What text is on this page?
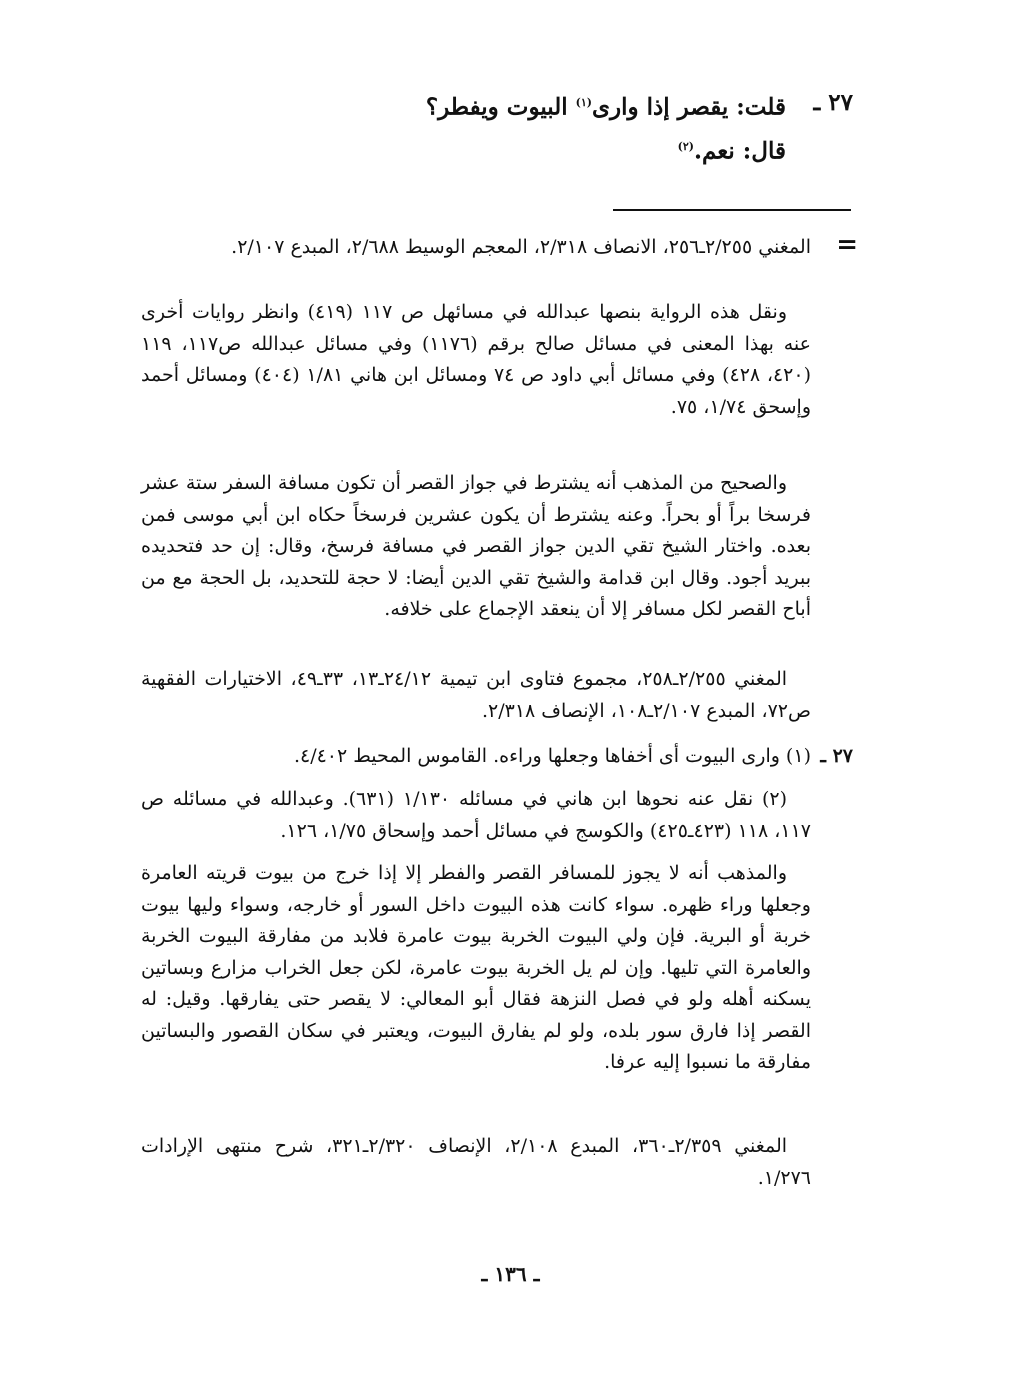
٢٧ ـ
قلت: يقصر إذا وارى$^{(١)}$ البيوت ويفطر؟
قال: نعم.$^{(٢)}$
=

المغني ٢/٢٥٥ـ٢٥٦، الانصاف ٢/٣١٨، المعجم الوسيط ٢/٦٨٨، المبدع ٢/١٠٧.

ونقل هذه الرواية بنصها عبدالله في مسائهل ص ١١٧ (٤١٩) وانظر روايات أخرى عنه بهذا المعنى في مسائل صالح برقم (١١٧٦) وفي مسائل عبدالله ص١١٧، ١١٩ (٤٢٠، ٤٢٨) وفي مسائل أبي داود ص ٧٤ ومسائل ابن هاني ١/٨١ (٤٠٤) ومسائل أحمد وإسحق ١/٧٤، ٧٥.

والصحيح من المذهب أنه يشترط في جواز القصر أن تكون مسافة السفر ستة عشر فرسخا براً أو بحراً. وعنه يشترط أن يكون عشرين فرسخاً حكاه ابن أبي موسى فمن بعده. واختار الشيخ تقي الدين جواز القصر في مسافة فرسخ، وقال: إن حد فتحديده ببريد أجود. وقال ابن قدامة والشيخ تقي الدين أيضا: لا حجة للتحديد، بل الحجة مع من أباح القصر لكل مسافر إلا أن ينعقد الإجماع على خلافه.

المغني ٢/٢٥٥ـ٢٥٨، مجموع فتاوى ابن تيمية ٢٤/١٢ـ١٣، ٣٣ـ٤٩، الاختيارات الفقهية ص٧٢، المبدع ٢/١٠٧ـ١٠٨، الإنصاف ٢/٣١٨.

٢٧ ـ

(١) وارى البيوت أى أخفاها وجعلها وراءه. القاموس المحيط ٤/٤٠٢.

(٢) نقل عنه نحوها ابن هاني في مسائله ١/١٣٠ (٦٣١). وعبدالله في مسائله ص ١١٧، ١١٨ (٤٢٣ـ٤٢٥) والكوسج في مسائل أحمد وإسحاق ١/٧٥، ١٢٦.

والمذهب أنه لا يجوز للمسافر القصر والفطر إلا إذا خرج من بيوت قريته العامرة وجعلها وراء ظهره. سواء كانت هذه البيوت داخل السور أو خارجه، وسواء وليها بيوت خربة أو البرية. فإن ولي البيوت الخربة بيوت عامرة فلابد من مفارقة البيوت الخربة والعامرة التي تليها. وإن لم يل الخربة بيوت عامرة، لكن جعل الخراب مزارع وبساتين يسكنه أهله ولو في فصل النزهة فقال أبو المعالي: لا يقصر حتى يفارقها. وقيل: له القصر إذا فارق سور بلده، ولو لم يفارق البيوت، ويعتبر في سكان القصور والبساتين مفارقة ما نسبوا إليه عرفا.

المغني ٢/٣٥٩ـ٣٦٠، المبدع ٢/١٠٨، الإنصاف ٢/٣٢٠ـ٣٢١، شرح منتهى الإرادات ١/٢٧٦.

ـ ١٣٦ ـ
